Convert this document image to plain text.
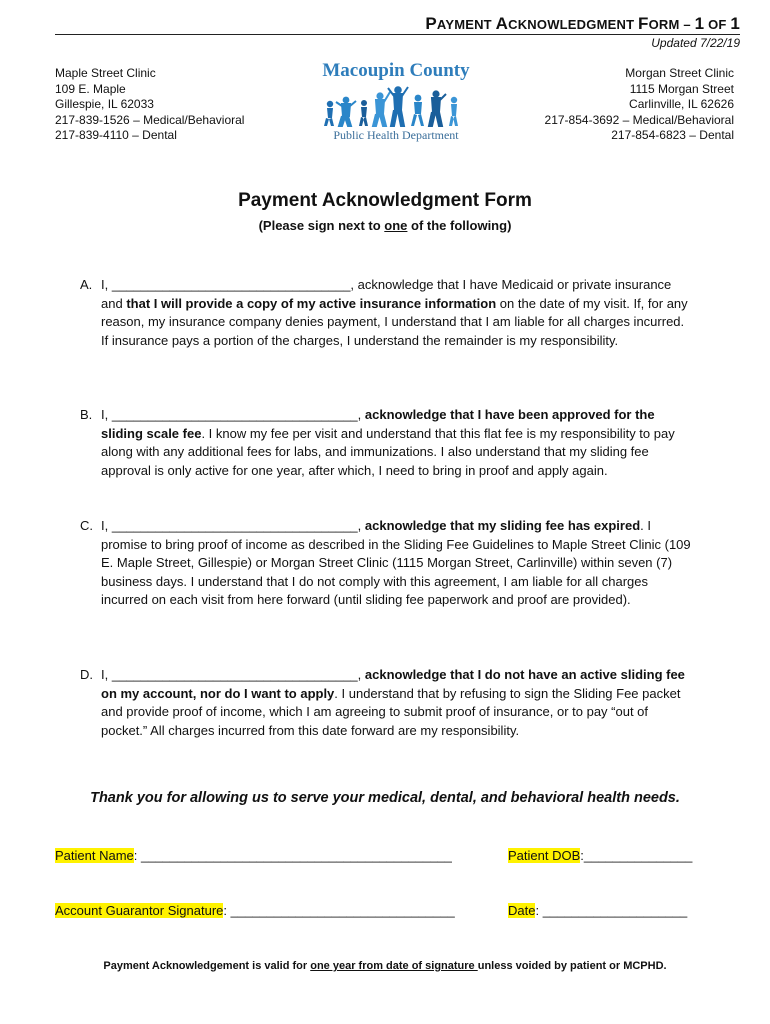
PAYMENT ACKNOWLEDGMENT FORM – 1 OF 1
Updated 7/22/19
Maple Street Clinic
109 E. Maple
Gillespie, IL 62033
217-839-1526 – Medical/Behavioral
217-839-4110 – Dental
Macoupin County
Public Health Department
Morgan Street Clinic
1115 Morgan Street
Carlinville, IL 62626
217-854-3692 – Medical/Behavioral
217-854-6823 – Dental
Payment Acknowledgment Form
(Please sign next to one of the following)
A. I, _________________________________, acknowledge that I have Medicaid or private insurance and that I will provide a copy of my active insurance information on the date of my visit. If, for any reason, my insurance company denies payment, I understand that I am liable for all charges incurred. If insurance pays a portion of the charges, I understand the remainder is my responsibility.
B. I, __________________________________, acknowledge that I have been approved for the sliding scale fee. I know my fee per visit and understand that this flat fee is my responsibility to pay along with any additional fees for labs, and immunizations. I also understand that my sliding fee approval is only active for one year, after which, I need to bring in proof and apply again.
C. I, __________________________________, acknowledge that my sliding fee has expired. I promise to bring proof of income as described in the Sliding Fee Guidelines to Maple Street Clinic (109 E. Maple Street, Gillespie) or Morgan Street Clinic (1115 Morgan Street, Carlinville) within seven (7) business days. I understand that I do not comply with this agreement, I am liable for all charges incurred on each visit from here forward (until sliding fee paperwork and proof are provided).
D. I, __________________________________, acknowledge that I do not have an active sliding fee on my account, nor do I want to apply. I understand that by refusing to sign the Sliding Fee packet and provide proof of income, which I am agreeing to submit proof of insurance, or to pay “out of pocket.” All charges incurred from this date forward are my responsibility.
Thank you for allowing us to serve your medical, dental, and behavioral health needs.
Patient Name: ___________________________________________	Patient DOB:_______________
Account Guarantor Signature: _______________________________	Date: ____________________
Payment Acknowledgement is valid for one year from date of signature unless voided by patient or MCPHD.
